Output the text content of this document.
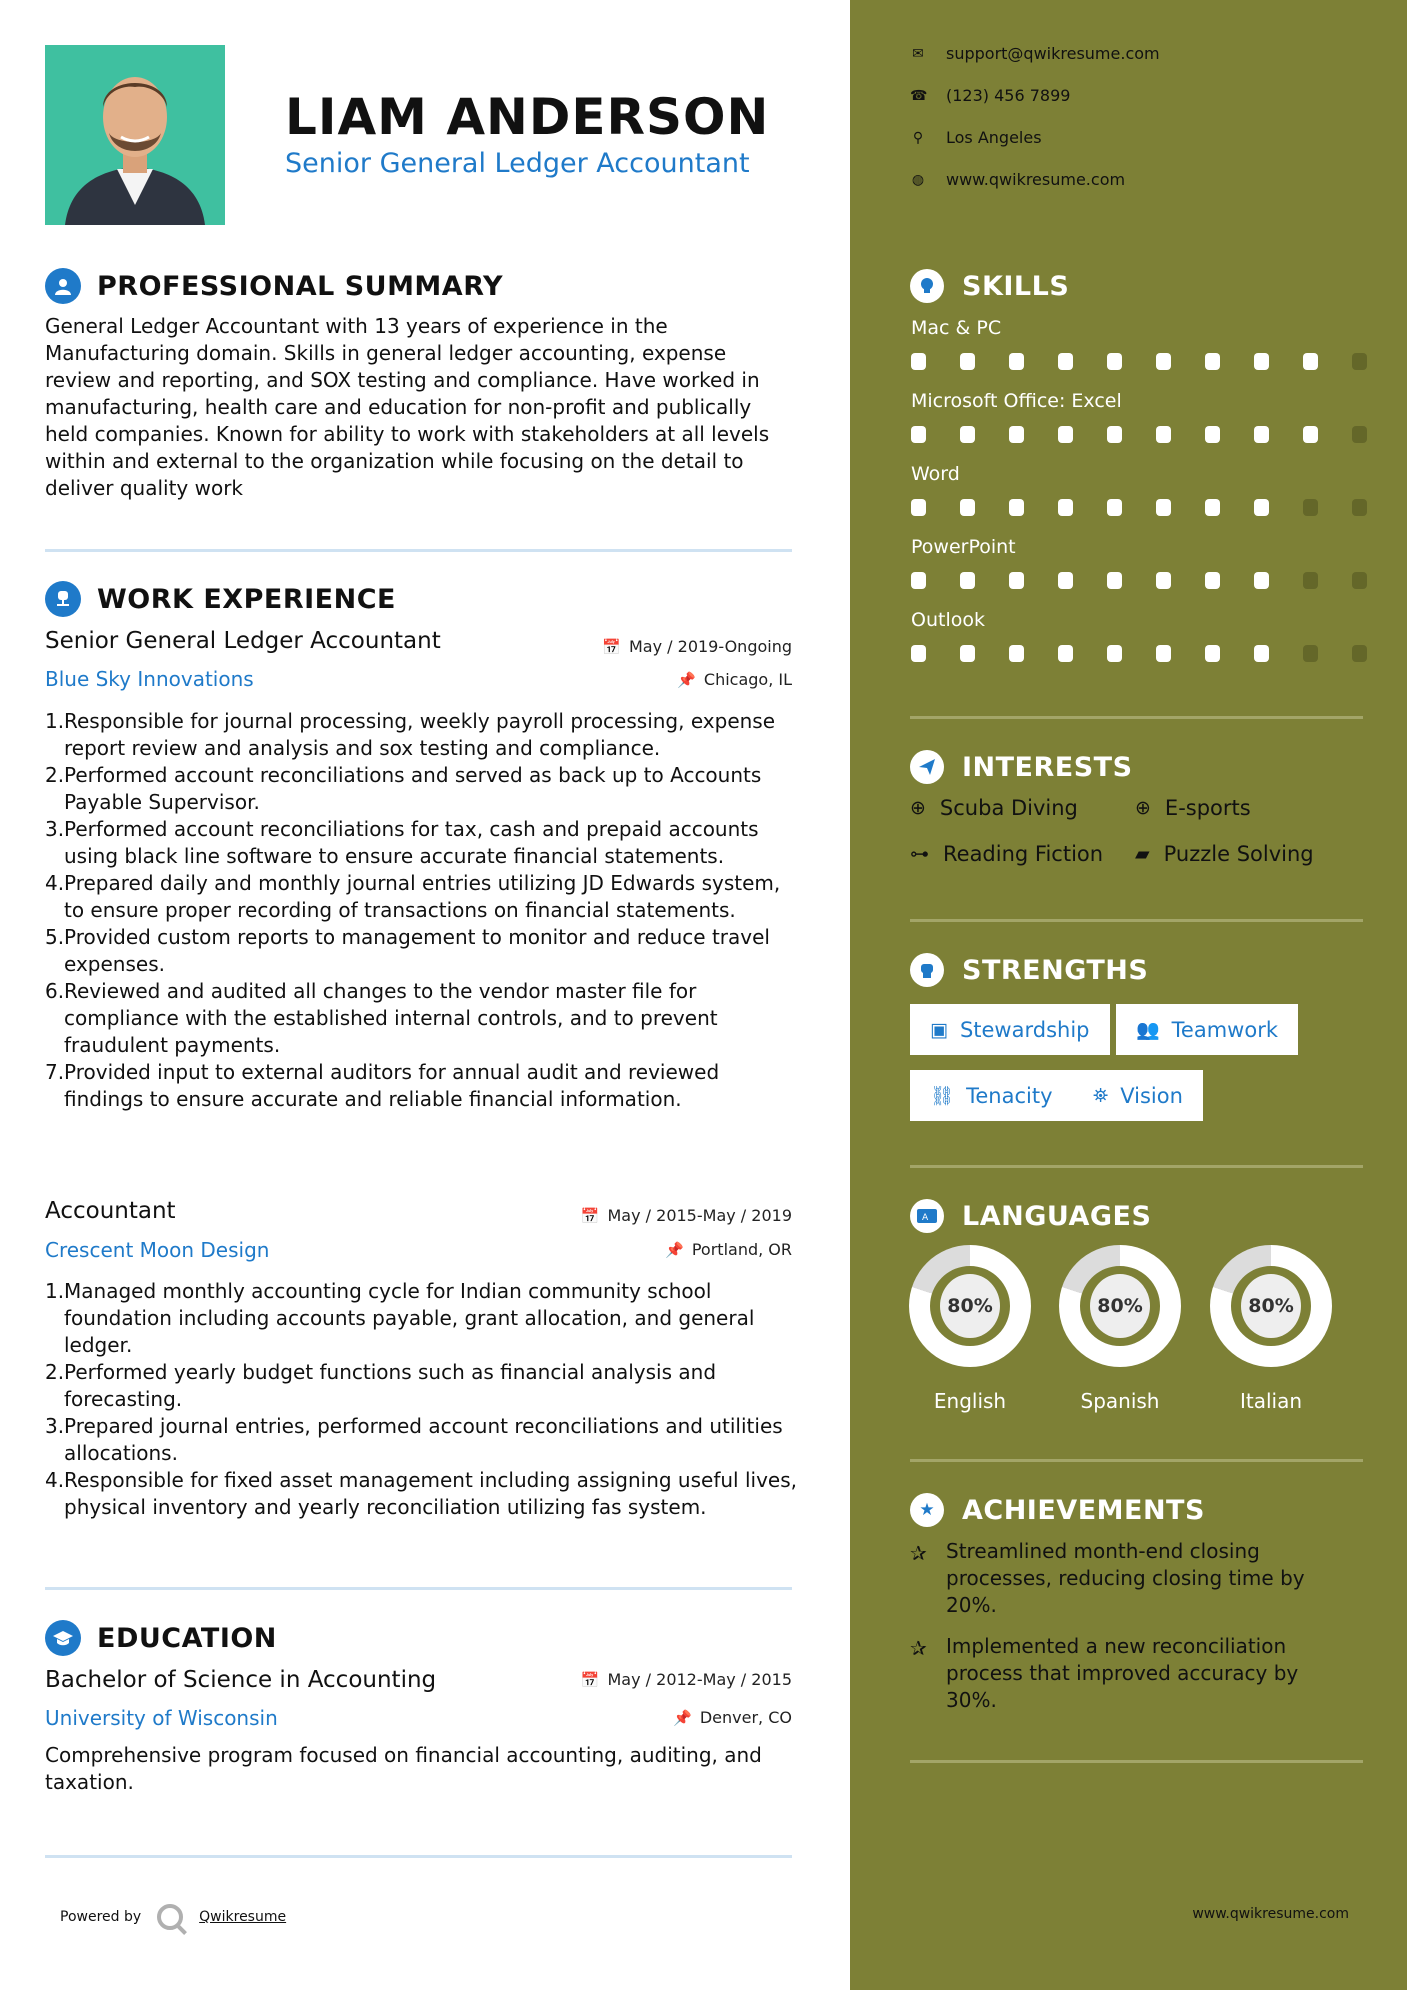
LIAM ANDERSON
Senior General Ledger Accountant
PROFESSIONAL SUMMARY
General Ledger Accountant with 13 years of experience in the Manufacturing domain. Skills in general ledger accounting, expense review and reporting, and SOX testing and compliance. Have worked in manufacturing, health care and education for non-profit and publically held companies. Known for ability to work with stakeholders at all levels within and external to the organization while focusing on the detail to deliver quality work
WORK EXPERIENCE
Senior General Ledger Accountant	📅 May / 2019-Ongoing
Blue Sky Innovations	📌 Chicago, IL
1. Responsible for journal processing, weekly payroll processing, expense report review and analysis and sox testing and compliance.
2. Performed account reconciliations and served as back up to Accounts Payable Supervisor.
3. Performed account reconciliations for tax, cash and prepaid accounts using black line software to ensure accurate financial statements.
4. Prepared daily and monthly journal entries utilizing JD Edwards system, to ensure proper recording of transactions on financial statements.
5. Provided custom reports to management to monitor and reduce travel expenses.
6. Reviewed and audited all changes to the vendor master file for compliance with the established internal controls, and to prevent fraudulent payments.
7. Provided input to external auditors for annual audit and reviewed findings to ensure accurate and reliable financial information.
Accountant	📅 May / 2015-May / 2019
Crescent Moon Design	📌 Portland, OR
1. Managed monthly accounting cycle for Indian community school foundation including accounts payable, grant allocation, and general ledger.
2. Performed yearly budget functions such as financial analysis and forecasting.
3. Prepared journal entries, performed account reconciliations and utilities allocations.
4. Responsible for fixed asset management including assigning useful lives, physical inventory and yearly reconciliation utilizing fas system.
EDUCATION
Bachelor of Science in Accounting	📅 May / 2012-May / 2015
University of Wisconsin	📌 Denver, CO
Comprehensive program focused on financial accounting, auditing, and taxation.
Powered by	Qwikresume
✉ support@qwikresume.com
☎ (123) 456 7899
⚲ Los Angeles
◍ www.qwikresume.com
SKILLS
Mac & PC
Microsoft Office: Excel
Word
PowerPoint
Outlook
INTERESTS
⊕ Scuba Diving	⊕ E-sports
⊶ Reading Fiction ▰ Puzzle Solving
STRENGTHS
▣ Stewardship 👥 Teamwork
⛓ Tenacity ⛯ Vision
A LANGUAGES
80%
English
80%
Spanish
80%
Italian
★	ACHIEVEMENTS
✰ Streamlined month-end closing processes, reducing closing time by 20%.
✰ Implemented a new reconciliation process that improved accuracy by 30%.
www.qwikresume.com
